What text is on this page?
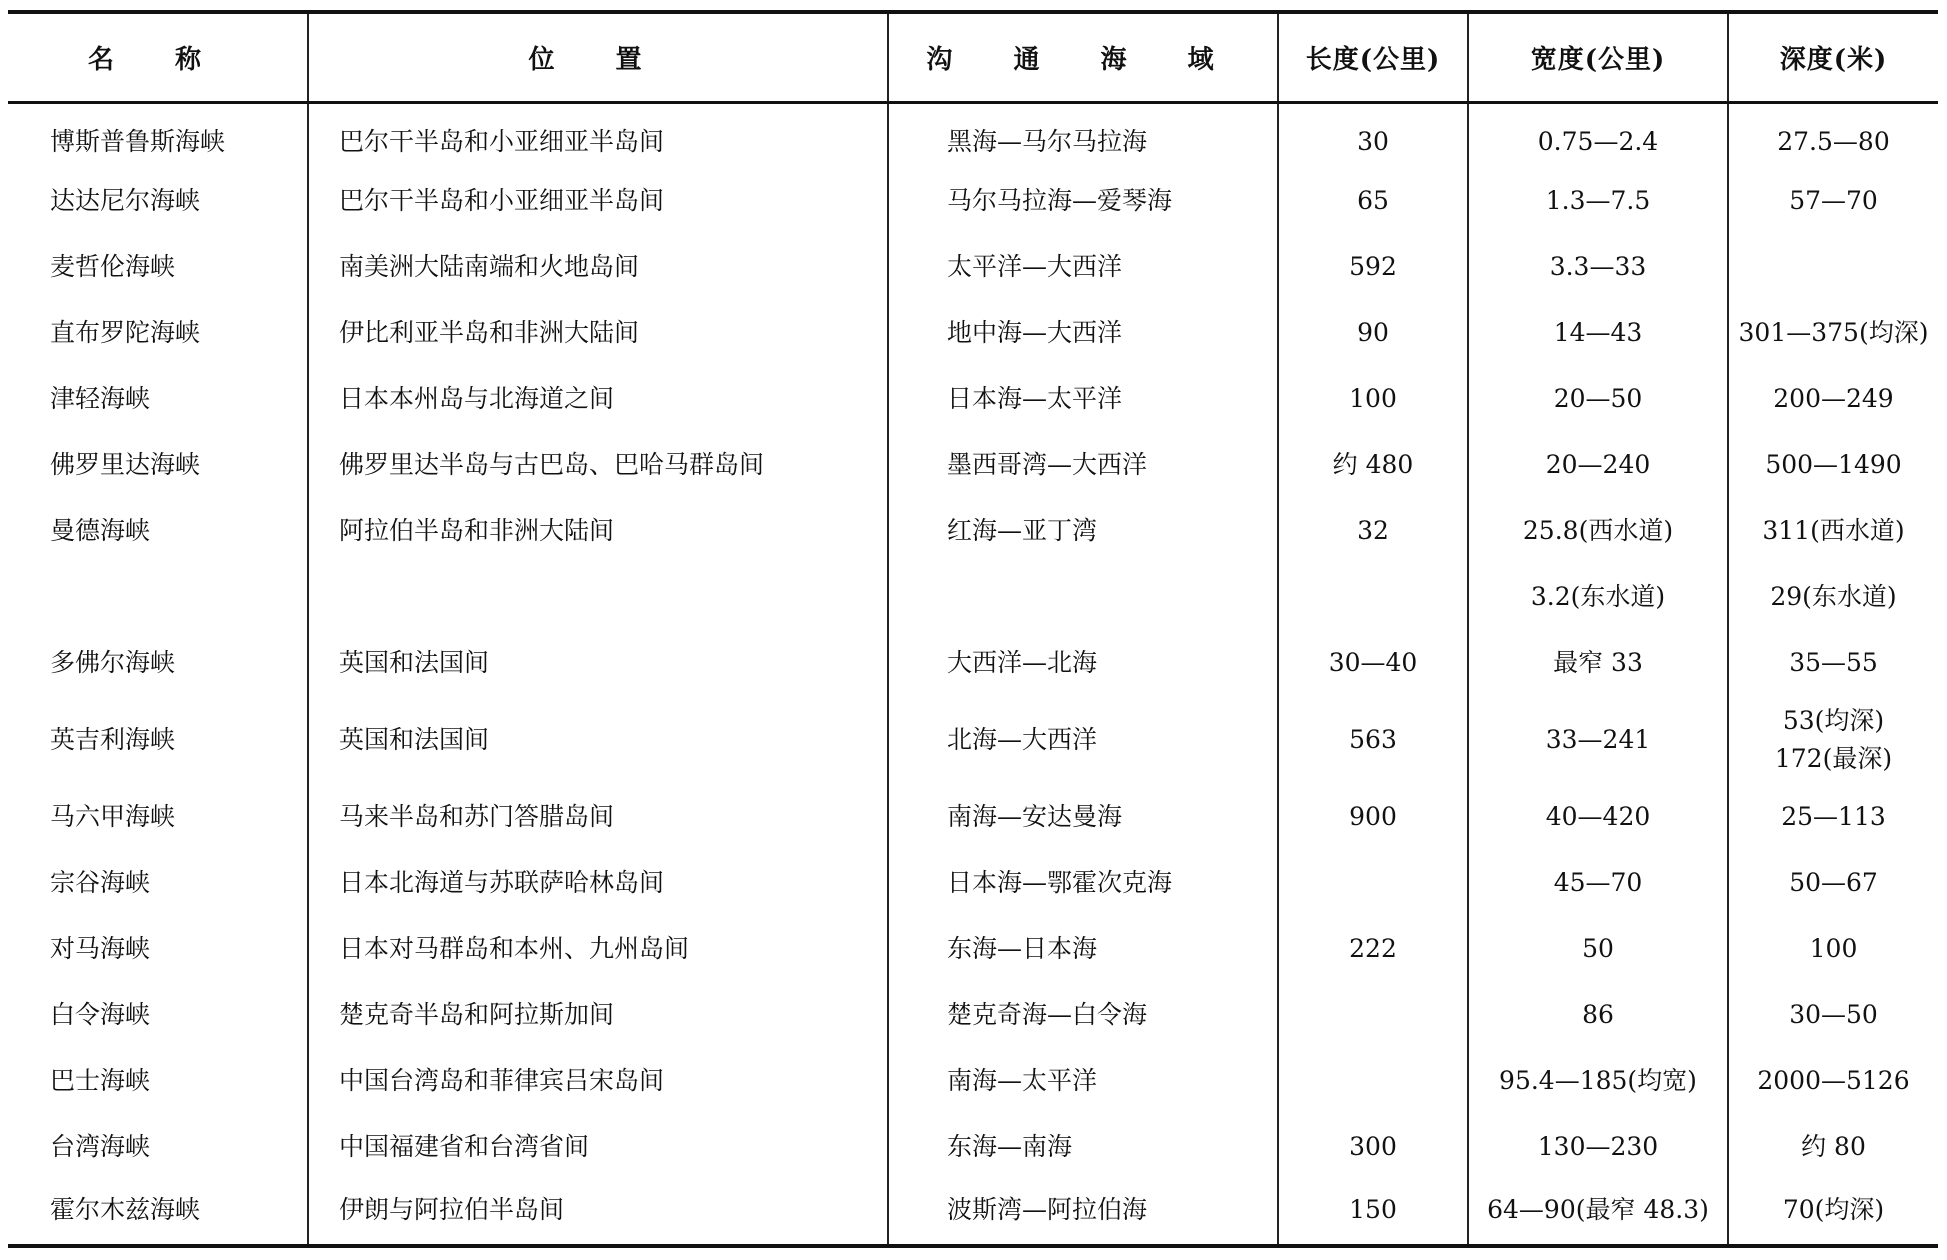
名 称	位 置	沟 通 海 域	长度(公里)	宽度(公里)	深度(米)
博斯普鲁斯海峡	巴尔干半岛和小亚细亚半岛间	黑海—马尔马拉海	30	0.75—2.4	27.5—80

达达尼尔海峡	巴尔干半岛和小亚细亚半岛间	马尔马拉海—爱琴海	65	1.3—7.5	57—70

麦哲伦海峡	南美洲大陆南端和火地岛间	太平洋—大西洋	592	3.3—33	

直布罗陀海峡	伊比利亚半岛和非洲大陆间	地中海—大西洋	90	14—43	301—375(均深)

津轻海峡	日本本州岛与北海道之间	日本海—太平洋	100	20—50	200—249

佛罗里达海峡	佛罗里达半岛与古巴岛、巴哈马群岛间	墨西哥湾—大西洋	约 480	20—240	500—1490

曼德海峡	阿拉伯半岛和非洲大陆间	红海—亚丁湾	32	25.8(西水道)	311(西水道)

				3.2(东水道)	29(东水道)

多佛尔海峡	英国和法国间	大西洋—北海	30—40	最窄 33	35—55

英吉利海峡	英国和法国间	北海—大西洋	563	33—241	53(均深)
172(最深)

马六甲海峡	马来半岛和苏门答腊岛间	南海—安达曼海	900	40—420	25—113

宗谷海峡	日本北海道与苏联萨哈林岛间	日本海—鄂霍次克海		45—70	50—67

对马海峡	日本对马群岛和本州、九州岛间	东海—日本海	222	50	100

白令海峡	楚克奇半岛和阿拉斯加间	楚克奇海—白令海		86	30—50

巴士海峡	中国台湾岛和菲律宾吕宋岛间	南海—太平洋		95.4—185(均宽)	2000—5126

台湾海峡	中国福建省和台湾省间	东海—南海	300	130—230	约 80

霍尔木兹海峡	伊朗与阿拉伯半岛间	波斯湾—阿拉伯海	150	64—90(最窄 48.3)	70(均深)
